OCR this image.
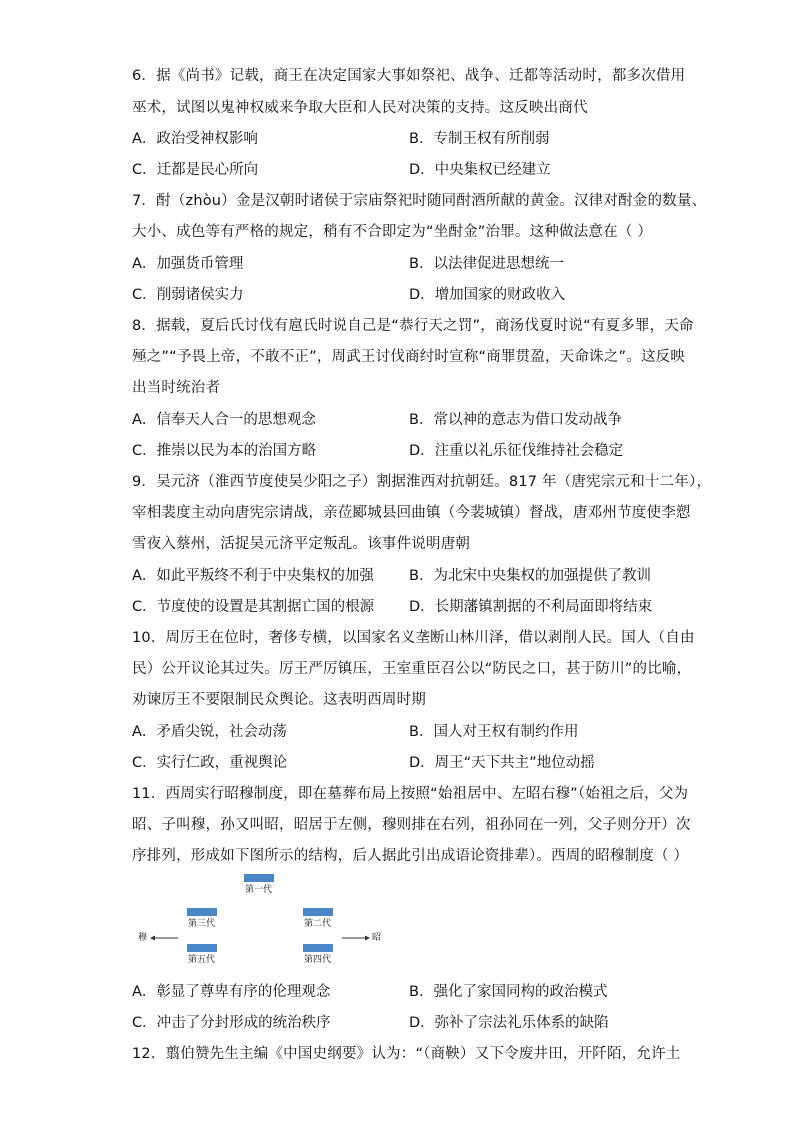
6．据《尚书》记载，商王在决定国家大事如祭祀、战争、迁都等活动时，都多次借用
巫术，试图以鬼神权威来争取大臣和人民对决策的支持。这反映出商代
A．政治受神权影响	B．专制王权有所削弱
C．迁都是民心所向	D．中央集权已经建立
7．酎（zhòu）金是汉朝时诸侯于宗庙祭祀时随同酎酒所献的黄金。汉律对酎金的数量、
大小、成色等有严格的规定，稍有不合即定为“坐酎金”治罪。这种做法意在（ ）
A．加强货币管理	B．以法律促进思想统一
C．削弱诸侯实力	D．增加国家的财政收入
8．据载，夏后氏讨伐有扈氏时说自己是“恭行天之罚”，商汤伐夏时说“有夏多罪，天命
殛之”“予畏上帝，不敢不正”，周武王讨伐商纣时宣称“商罪贯盈，天命诛之”。这反映
出当时统治者
A．信奉天人合一的思想观念	B．常以神的意志为借口发动战争
C．推崇以民为本的治国方略	D．注重以礼乐征伐维持社会稳定
9．吴元济（淮西节度使吴少阳之子）割据淮西对抗朝廷。817 年（唐宪宗元和十二年），
宰相裴度主动向唐宪宗请战，亲莅郾城县回曲镇（今裴城镇）督战，唐邓州节度使李愬
雪夜入蔡州，活捉吴元济平定叛乱。该事件说明唐朝
A．如此平叛终不利于中央集权的加强 B．为北宋中央集权的加强提供了教训
C．节度使的设置是其割据亡国的根源 D．长期藩镇割据的不利局面即将结束
10．周厉王在位时，奢侈专横，以国家名义垄断山林川泽，借以剥削人民。国人（自由
民）公开议论其过失。厉王严厉镇压，王室重臣召公以“防民之口，甚于防川”的比喻，
劝谏厉王不要限制民众舆论。这表明西周时期
A．矛盾尖锐，社会动荡	B．国人对王权有制约作用
C．实行仁政，重视舆论	D．周王“天下共主”地位动摇
11．西周实行昭穆制度，即在墓葬布局上按照“始祖居中、左昭右穆”（始祖之后，父为
昭、子叫穆，孙又叫昭，昭居于左侧，穆则排在右列，祖孙同在一列，父子则分开）次
序排列，形成如下图所示的结构，后人据此引出成语论资排辈）。西周的昭穆制度（ ）
第一代
第三代	第二代
穆	昭
第五代	第四代
A．彰显了尊卑有序的伦理观念	B．强化了家国同构的政治模式
C．冲击了分封形成的统治秩序	D．弥补了宗法礼乐体系的缺陷
12．翦伯赞先生主编《中国史纲要》认为：“（商鞅）又下令废井田，开阡陌，允许土
